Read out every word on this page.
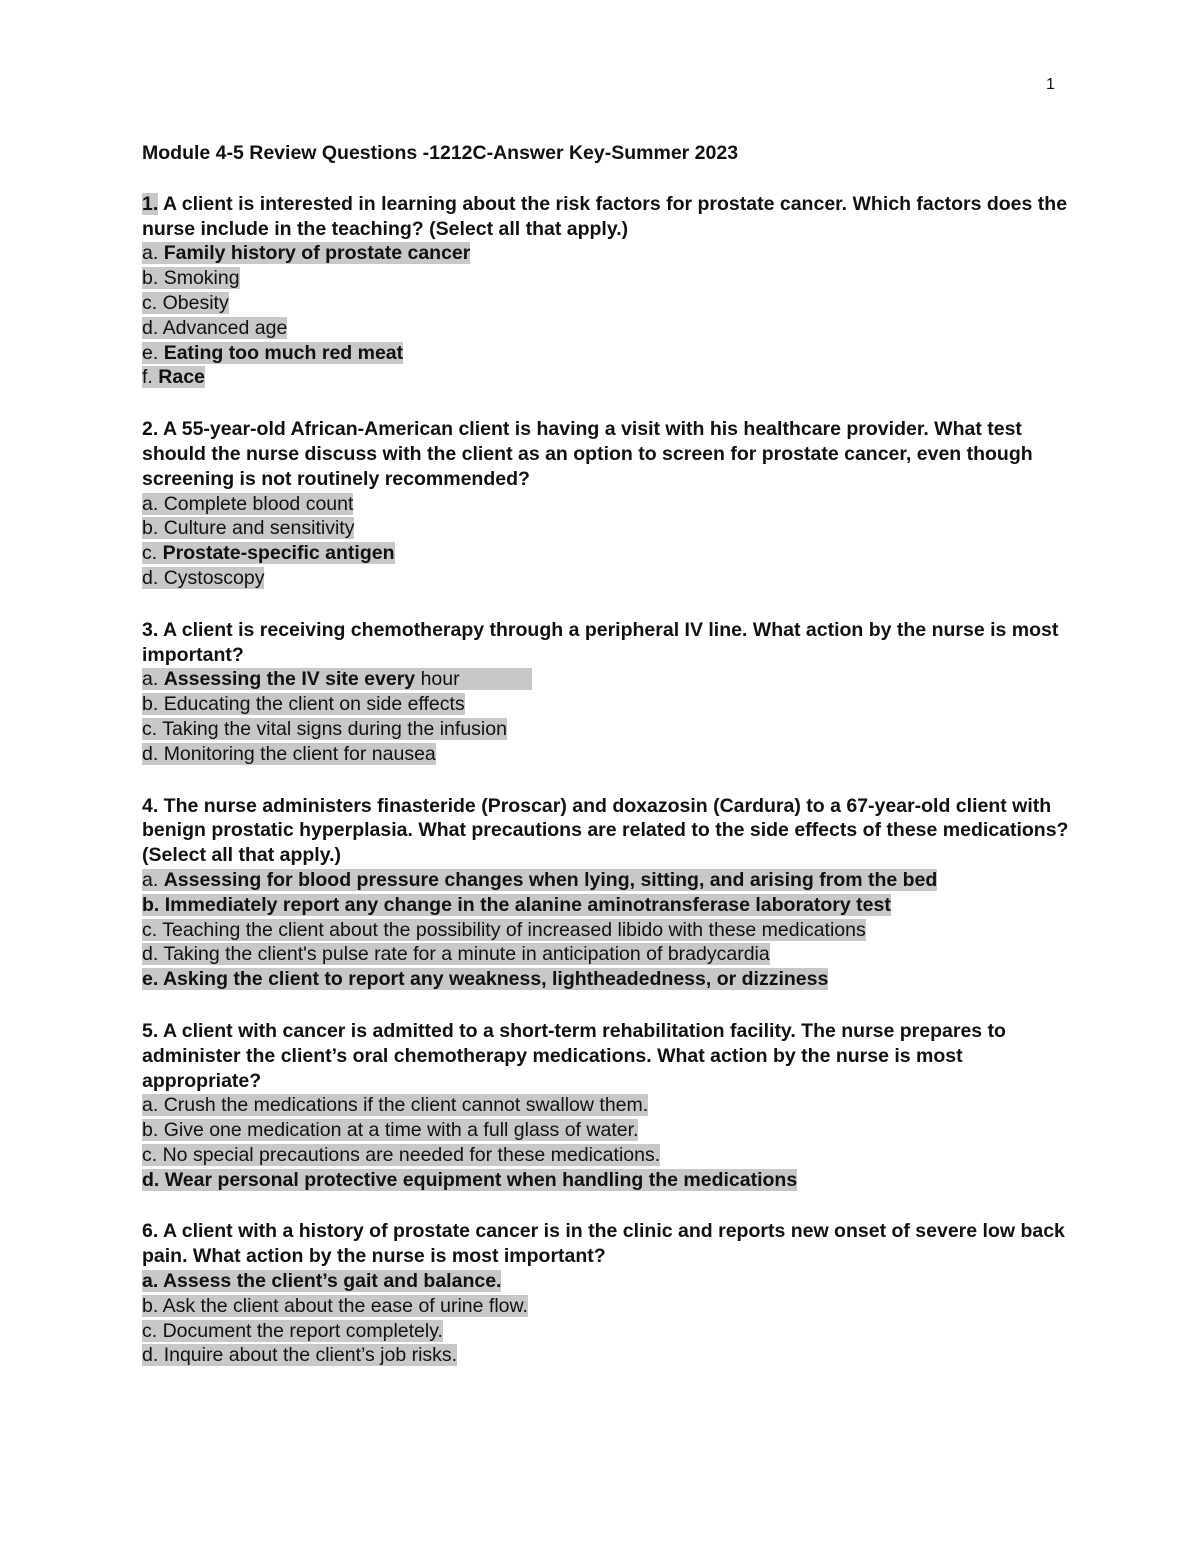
1
Module 4-5 Review Questions -1212C-Answer Key-Summer 2023
1. A client is interested in learning about the risk factors for prostate cancer. Which factors does the nurse include in the teaching? (Select all that apply.)
a. Family history of prostate cancer
b. Smoking
c. Obesity
d. Advanced age
e. Eating too much red meat
f. Race
2. A 55-year-old African-American client is having a visit with his healthcare provider. What test should the nurse discuss with the client as an option to screen for prostate cancer, even though screening is not routinely recommended?
a. Complete blood count
b. Culture and sensitivity
c. Prostate-specific antigen
d. Cystoscopy
3. A client is receiving chemotherapy through a peripheral IV line. What action by the nurse is most important?
a. Assessing the IV site every hour
b. Educating the client on side effects
c. Taking the vital signs during the infusion
d. Monitoring the client for nausea
4. The nurse administers finasteride (Proscar) and doxazosin (Cardura) to a 67-year-old client with benign prostatic hyperplasia. What precautions are related to the side effects of these medications? (Select all that apply.)
a. Assessing for blood pressure changes when lying, sitting, and arising from the bed
b. Immediately report any change in the alanine aminotransferase laboratory test
c. Teaching the client about the possibility of increased libido with these medications
d. Taking the client's pulse rate for a minute in anticipation of bradycardia
e. Asking the client to report any weakness, lightheadedness, or dizziness
5. A client with cancer is admitted to a short-term rehabilitation facility. The nurse prepares to administer the client’s oral chemotherapy medications. What action by the nurse is most appropriate?
a. Crush the medications if the client cannot swallow them.
b. Give one medication at a time with a full glass of water.
c. No special precautions are needed for these medications.
d. Wear personal protective equipment when handling the medications
6. A client with a history of prostate cancer is in the clinic and reports new onset of severe low back pain. What action by the nurse is most important?
a. Assess the client’s gait and balance.
b. Ask the client about the ease of urine flow.
c. Document the report completely.
d. Inquire about the client’s job risks.
